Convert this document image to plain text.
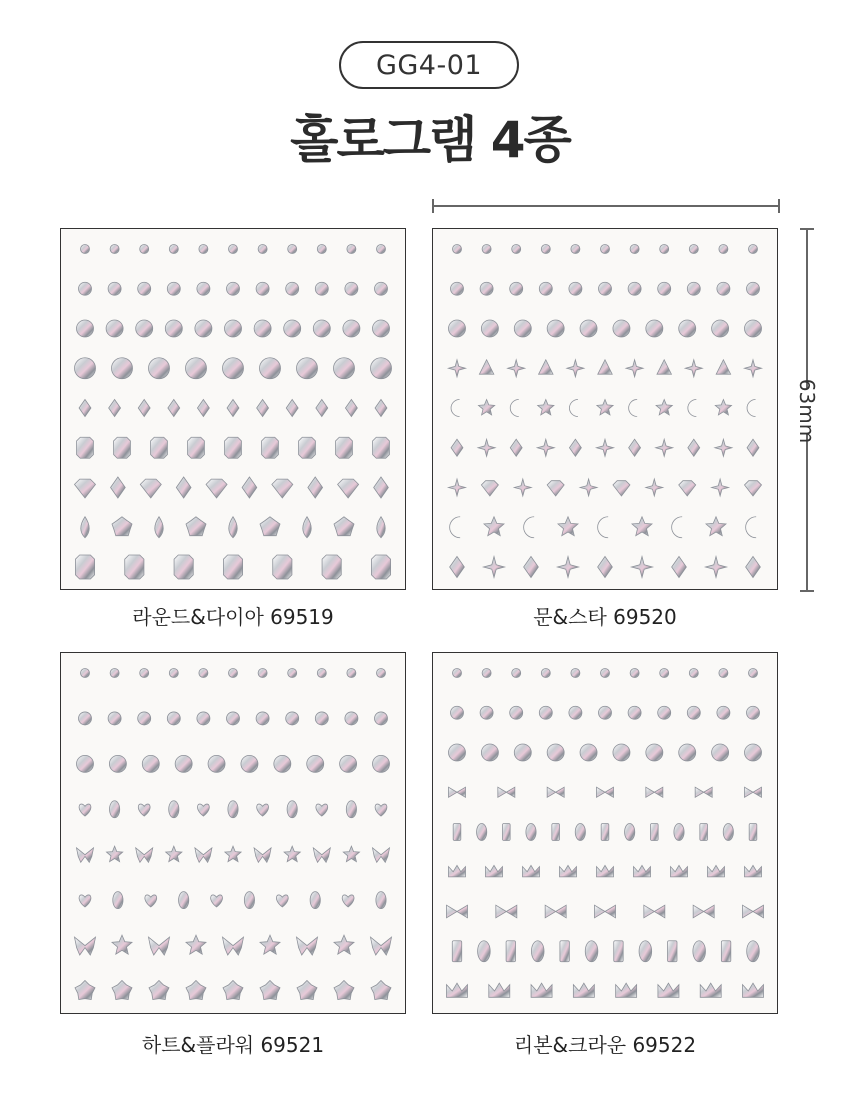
GG4-01
홀로그램 4종
63mm
라운드&다이아 69519	문&스타 69520
하트&플라워 69521	리본&크라운 69522
